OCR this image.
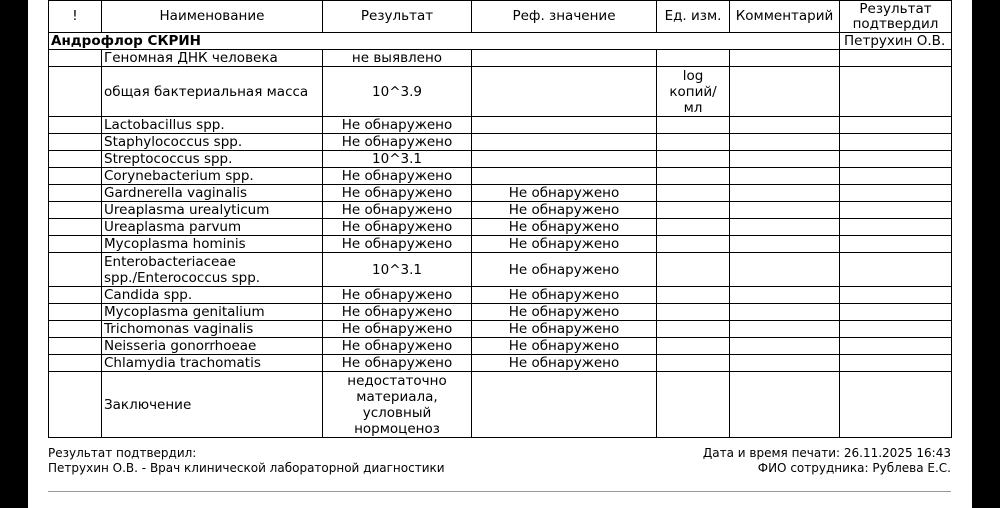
!	Наименование	Результат	Реф. значение	Ед. изм.	Комментарий	Результат подтвердил
Андрофлор СКРИН						Петрухин О.В.
	Геномная ДНК человека	не выявлено				
	общая бактериальная масса	10^3.9		log копий/мл		
	Lactobacillus spp.	Не обнаружено				
	Staphylococcus spp.	Не обнаружено				
	Streptococcus spp.	10^3.1				
	Corynebacterium spp.	Не обнаружено				
	Gardnerella vaginalis	Не обнаружено	Не обнаружено			
	Ureaplasma urealyticum	Не обнаружено	Не обнаружено			
	Ureaplasma parvum	Не обнаружено	Не обнаружено			
	Mycoplasma hominis	Не обнаружено	Не обнаружено			
	Enterobacteriaceae spp./Enterococcus spp.	10^3.1	Не обнаружено			
	Candida spp.	Не обнаружено	Не обнаружено			
	Mycoplasma genitalium	Не обнаружено	Не обнаружено			
	Trichomonas vaginalis	Не обнаружено	Не обнаружено			
	Neisseria gonorrhoeae	Не обнаружено	Не обнаружено			
	Chlamydia trachomatis	Не обнаружено	Не обнаружено			
	Заключение	недостаточно материала, условный нормоценоз				
Результат подтвердил:
Петрухин О.В. - Врач клинической лабораторной диагностики
Дата и время печати: 26.11.2025 16:43
ФИО сотрудника: Рублева Е.С.
